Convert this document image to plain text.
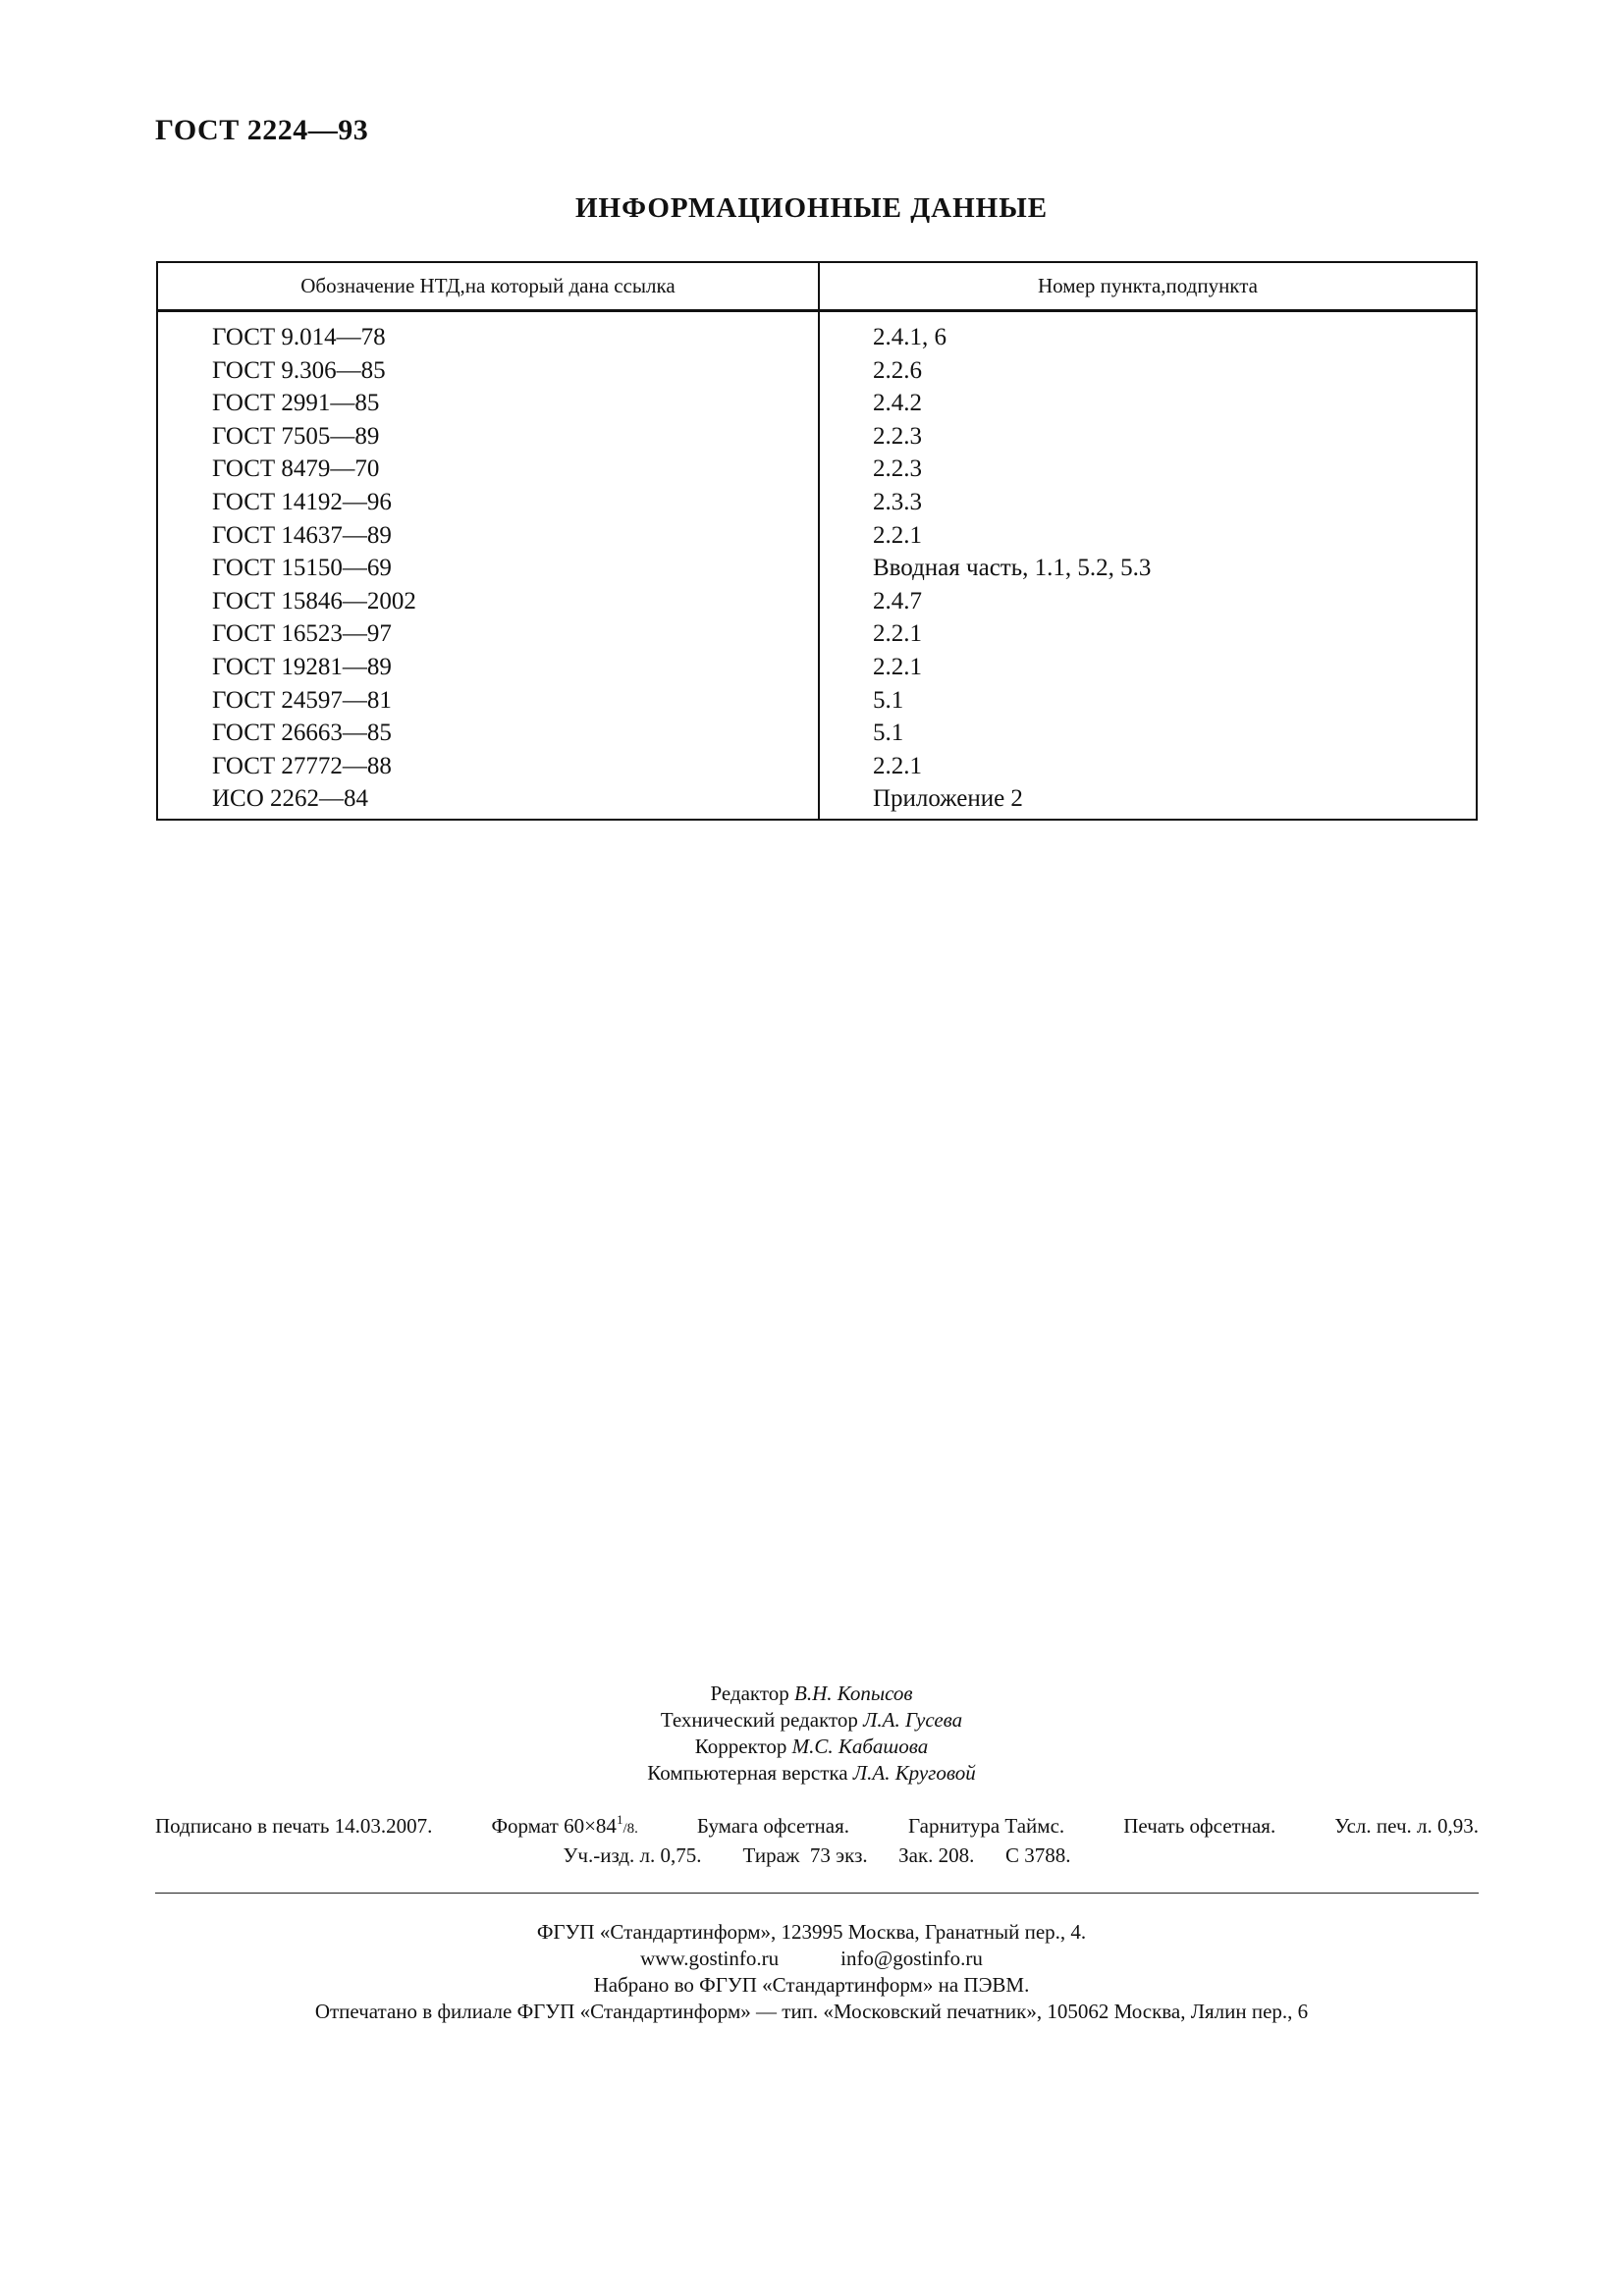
ГОСТ 2224—93
ИНФОРМАЦИОННЫЕ ДАННЫЕ
Обозначение НТД,на который дана ссылка	Номер пункта,подпункта
ГОСТ 9.014—78	2.4.1, 6
ГОСТ 9.306—85	2.2.6
ГОСТ 2991—85	2.4.2
ГОСТ 7505—89	2.2.3
ГОСТ 8479—70	2.2.3
ГОСТ 14192—96	2.3.3
ГОСТ 14637—89	2.2.1
ГОСТ 15150—69	Вводная часть, 1.1, 5.2, 5.3
ГОСТ 15846—2002	2.4.7
ГОСТ 16523—97	2.2.1
ГОСТ 19281—89	2.2.1
ГОСТ 24597—81	5.1
ГОСТ 26663—85	5.1
ГОСТ 27772—88	2.2.1
ИСО 2262—84	Приложение 2
Редактор В.Н. Копысов
Технический редактор Л.А. Гусева
Корректор М.С. Кабашова
Компьютерная верстка Л.А. Круговой
Подписано в печать 14.03.2007.	Формат $60\times 84^1/8$.	Бумага офсетная.	Гарнитура Таймс.	Печать офсетная.	Усл. печ. л. 0,93.
Уч.-изд. л. 0,75. Тираж  73 экз. Зак. 208. С 3788.
ФГУП «Стандартинформ», 123995 Москва, Гранатный пер., 4.
www.gostinfo.ru	info@gostinfo.ru
Набрано во ФГУП «Стандартинформ» на ПЭВМ.
Отпечатано в филиале ФГУП «Стандартинформ» — тип. «Московский печатник», 105062 Москва, Лялин пер., 6
